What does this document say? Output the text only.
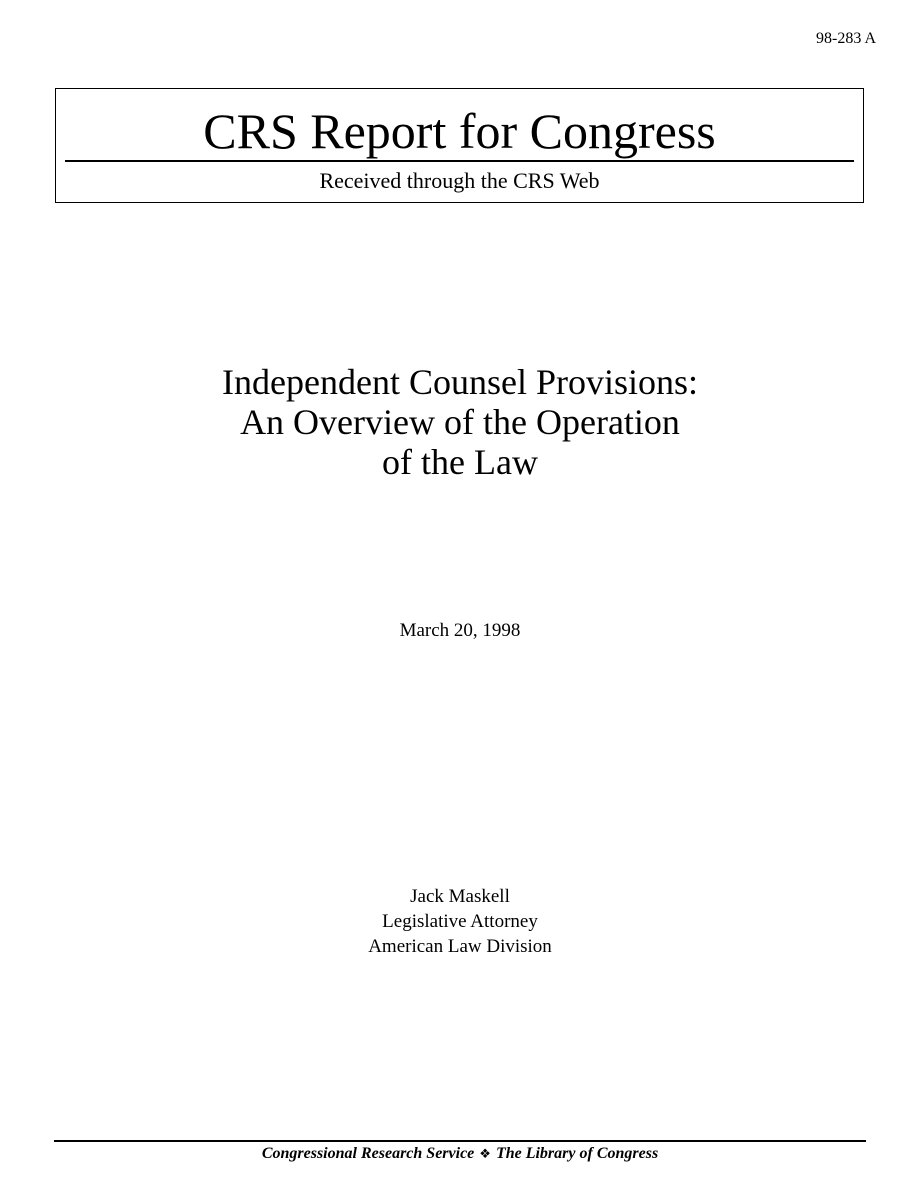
98-283 A
CRS Report for Congress
Received through the CRS Web
Independent Counsel Provisions:
An Overview of the Operation
of the Law
March 20, 1998
Jack Maskell
Legislative Attorney
American Law Division
Congressional Research Service ❖ The Library of Congress
